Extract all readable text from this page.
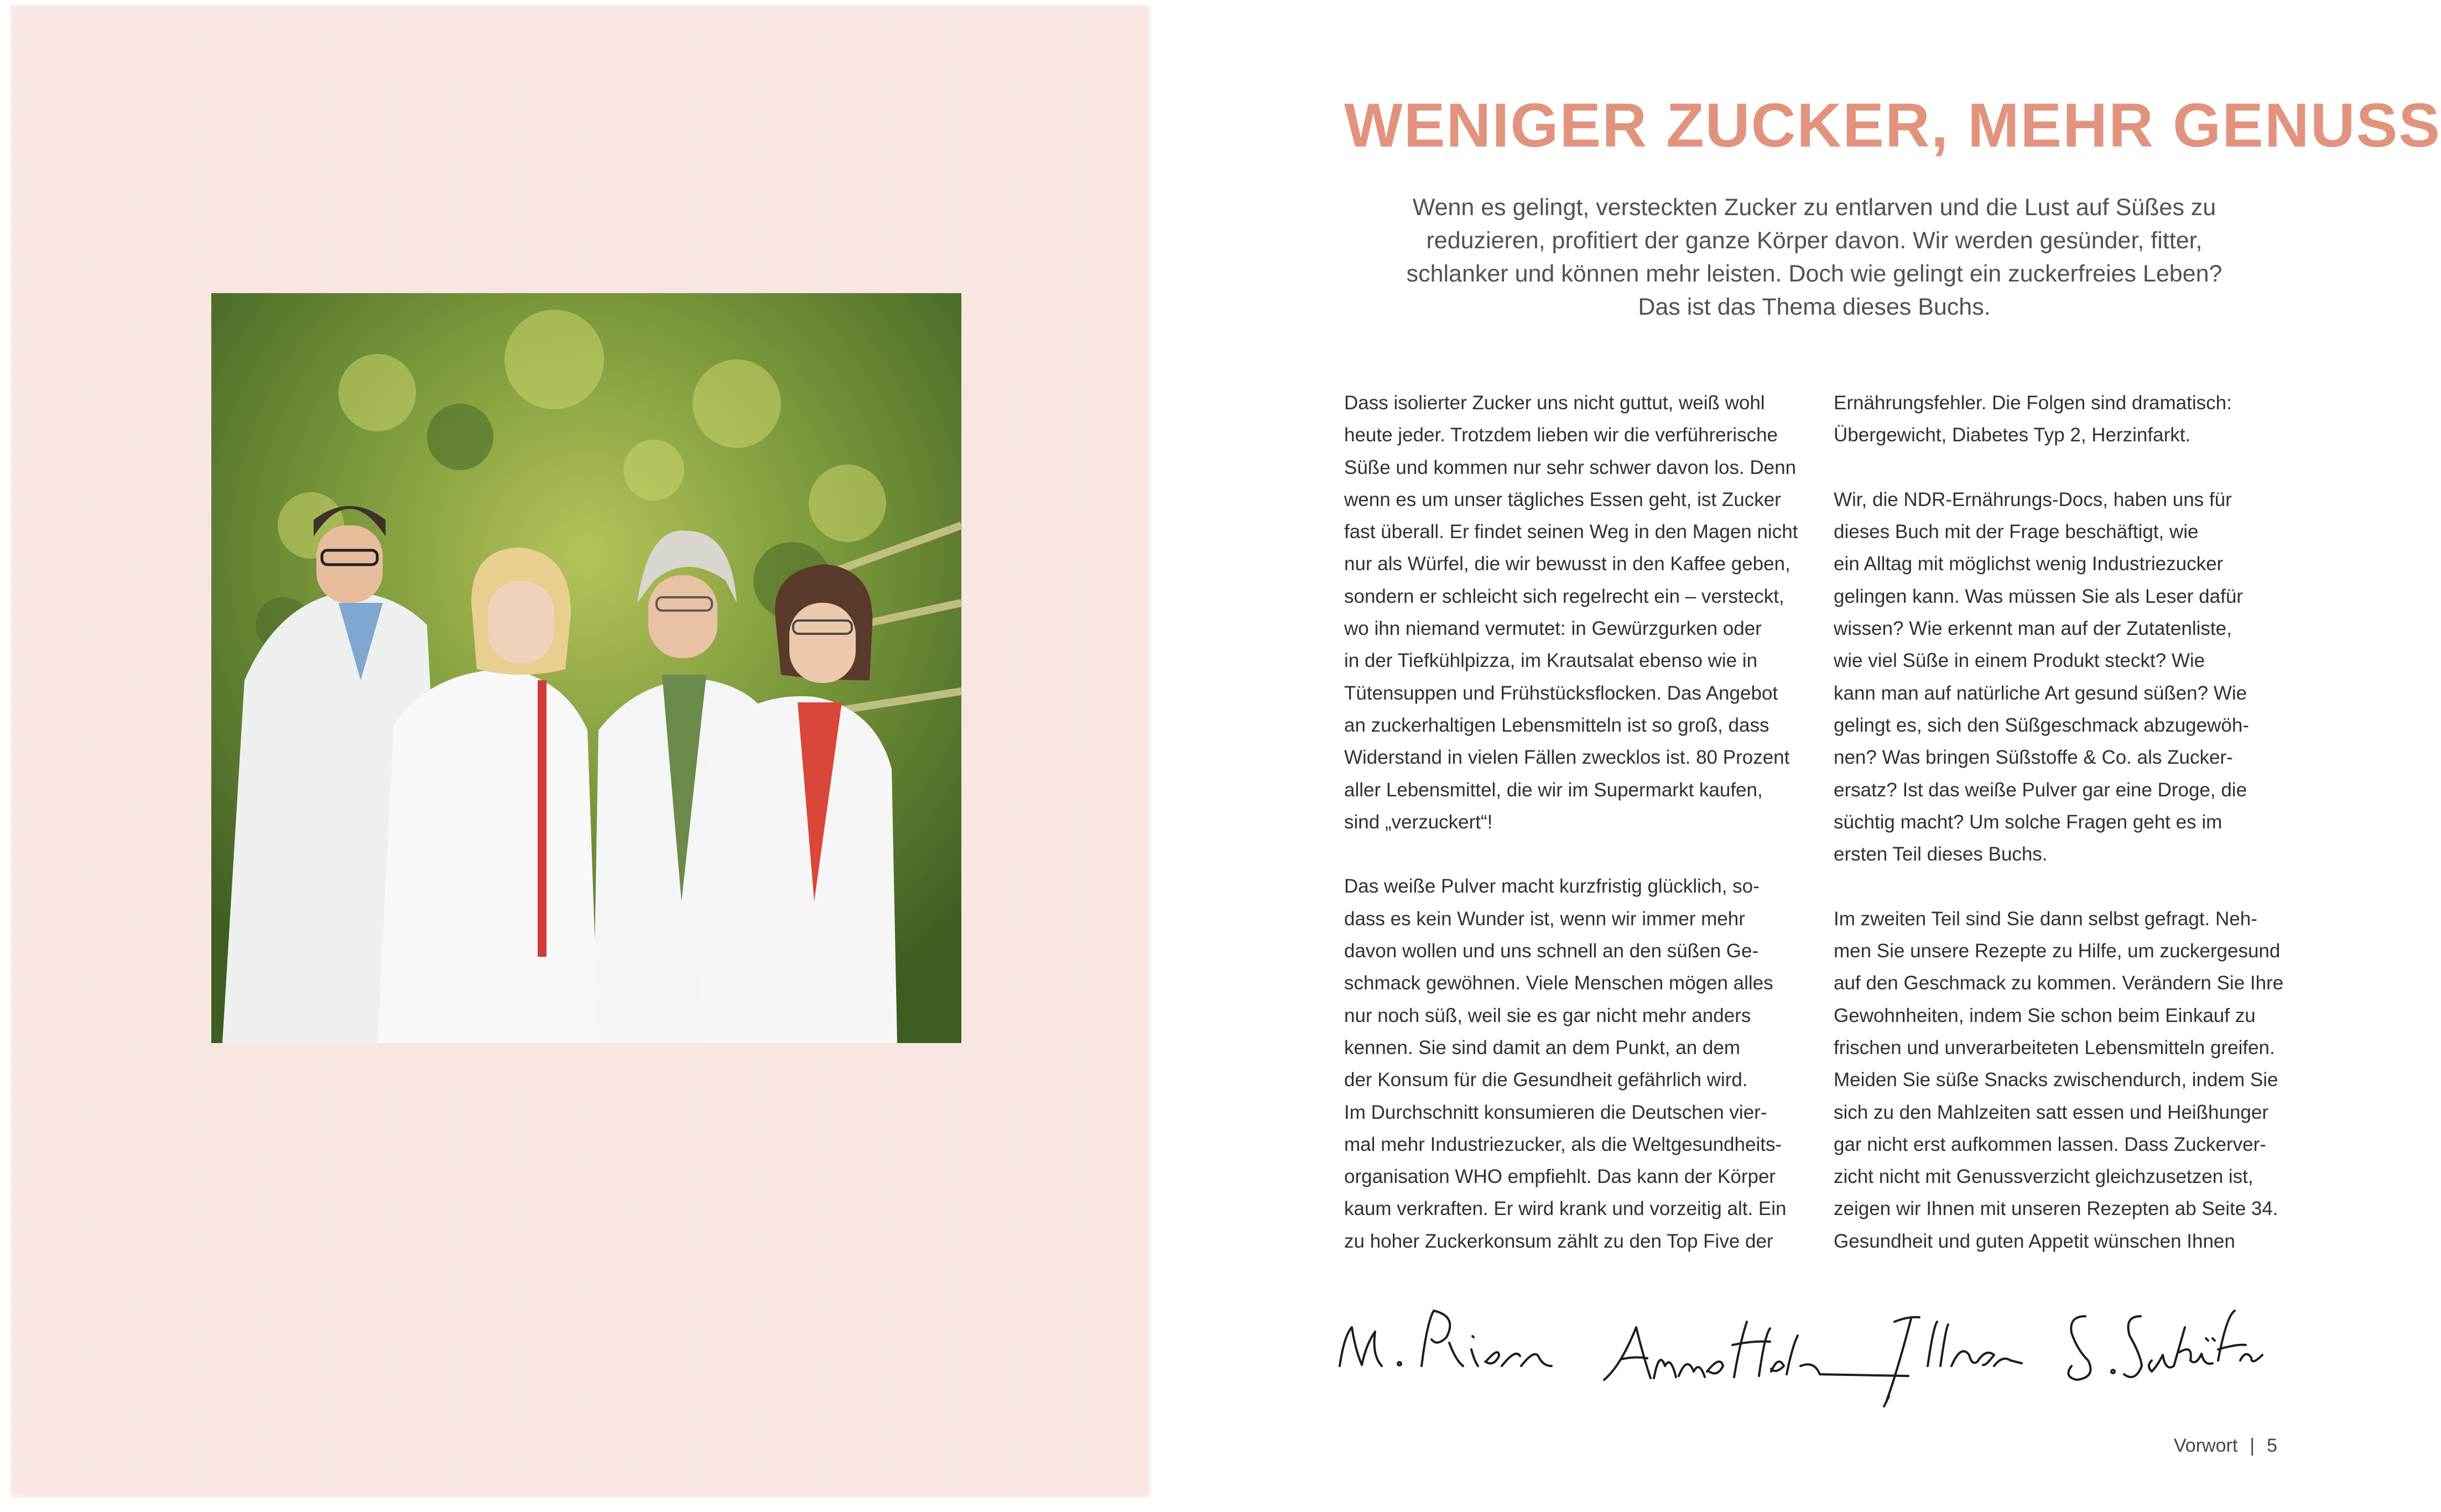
WENIGER ZUCKER, MEHR GENUSS

Wenn es gelingt, versteckten Zucker zu entlarven und die Lust auf Süßes zu

reduzieren, profitiert der ganze Körper davon. Wir werden gesünder, fitter,

schlanker und können mehr leisten. Doch wie gelingt ein zuckerfreies Leben?

Das ist das Thema dieses Buchs.

Dass isolierter Zucker uns nicht guttut, weiß wohl

heute jeder. Trotzdem lieben wir die verführerische

Süße und kommen nur sehr schwer davon los. Denn

wenn es um unser tägliches Essen geht, ist Zucker

fast überall. Er findet seinen Weg in den Magen nicht

nur als Würfel, die wir bewusst in den Kaffee geben,

sondern er schleicht sich regelrecht ein – versteckt,

wo ihn niemand vermutet: in Gewürzgurken oder

in der Tiefkühlpizza, im Krautsalat ebenso wie in

Tütensuppen und Frühstücksflocken. Das Angebot

an zuckerhaltigen Lebensmitteln ist so groß, dass

Widerstand in vielen Fällen zwecklos ist. 80 Prozent

aller Lebensmittel, die wir im Supermarkt kaufen,

sind „verzuckert“!

Das weiße Pulver macht kurzfristig glücklich, so-

dass es kein Wunder ist, wenn wir immer mehr

davon wollen und uns schnell an den süßen Ge-

schmack gewöhnen. Viele Menschen mögen alles

nur noch süß, weil sie es gar nicht mehr anders

kennen. Sie sind damit an dem Punkt, an dem

der Konsum für die Gesundheit gefährlich wird.

Im Durchschnitt konsumieren die Deutschen vier-

mal mehr Industriezucker, als die Weltgesundheits-

organisation WHO empfiehlt. Das kann der Körper

kaum verkraften. Er wird krank und vorzeitig alt. Ein

zu hoher Zuckerkonsum zählt zu den Top Five der

Ernährungsfehler. Die Folgen sind dramatisch:

Übergewicht, Diabetes Typ 2, Herzinfarkt.

Wir, die NDR-Ernährungs-Docs, haben uns für

dieses Buch mit der Frage beschäftigt, wie

ein Alltag mit möglichst wenig Industriezucker

gelingen kann. Was müssen Sie als Leser dafür

wissen? Wie erkennt man auf der Zutatenliste,

wie viel Süße in einem Produkt steckt? Wie

kann man auf natürliche Art gesund süßen? Wie

gelingt es, sich den Süßgeschmack abzugewöh-

nen? Was bringen Süßstoffe & Co. als Zucker-

ersatz? Ist das weiße Pulver gar eine Droge, die

süchtig macht? Um solche Fragen geht es im

ersten Teil dieses Buchs.

Im zweiten Teil sind Sie dann selbst gefragt. Neh-

men Sie unsere Rezepte zu Hilfe, um zuckergesund

auf den Geschmack zu kommen. Verändern Sie Ihre

Gewohnheiten, indem Sie schon beim Einkauf zu

frischen und unverarbeiteten Lebensmitteln greifen.

Meiden Sie süße Snacks zwischendurch, indem Sie

sich zu den Mahlzeiten satt essen und Heißhunger

gar nicht erst aufkommen lassen. Dass Zuckerver-

zicht nicht mit Genussverzicht gleichzusetzen ist,

zeigen wir Ihnen mit unseren Rezepten ab Seite 34.

Gesundheit und guten Appetit wünschen Ihnen

Vorwort | 5
